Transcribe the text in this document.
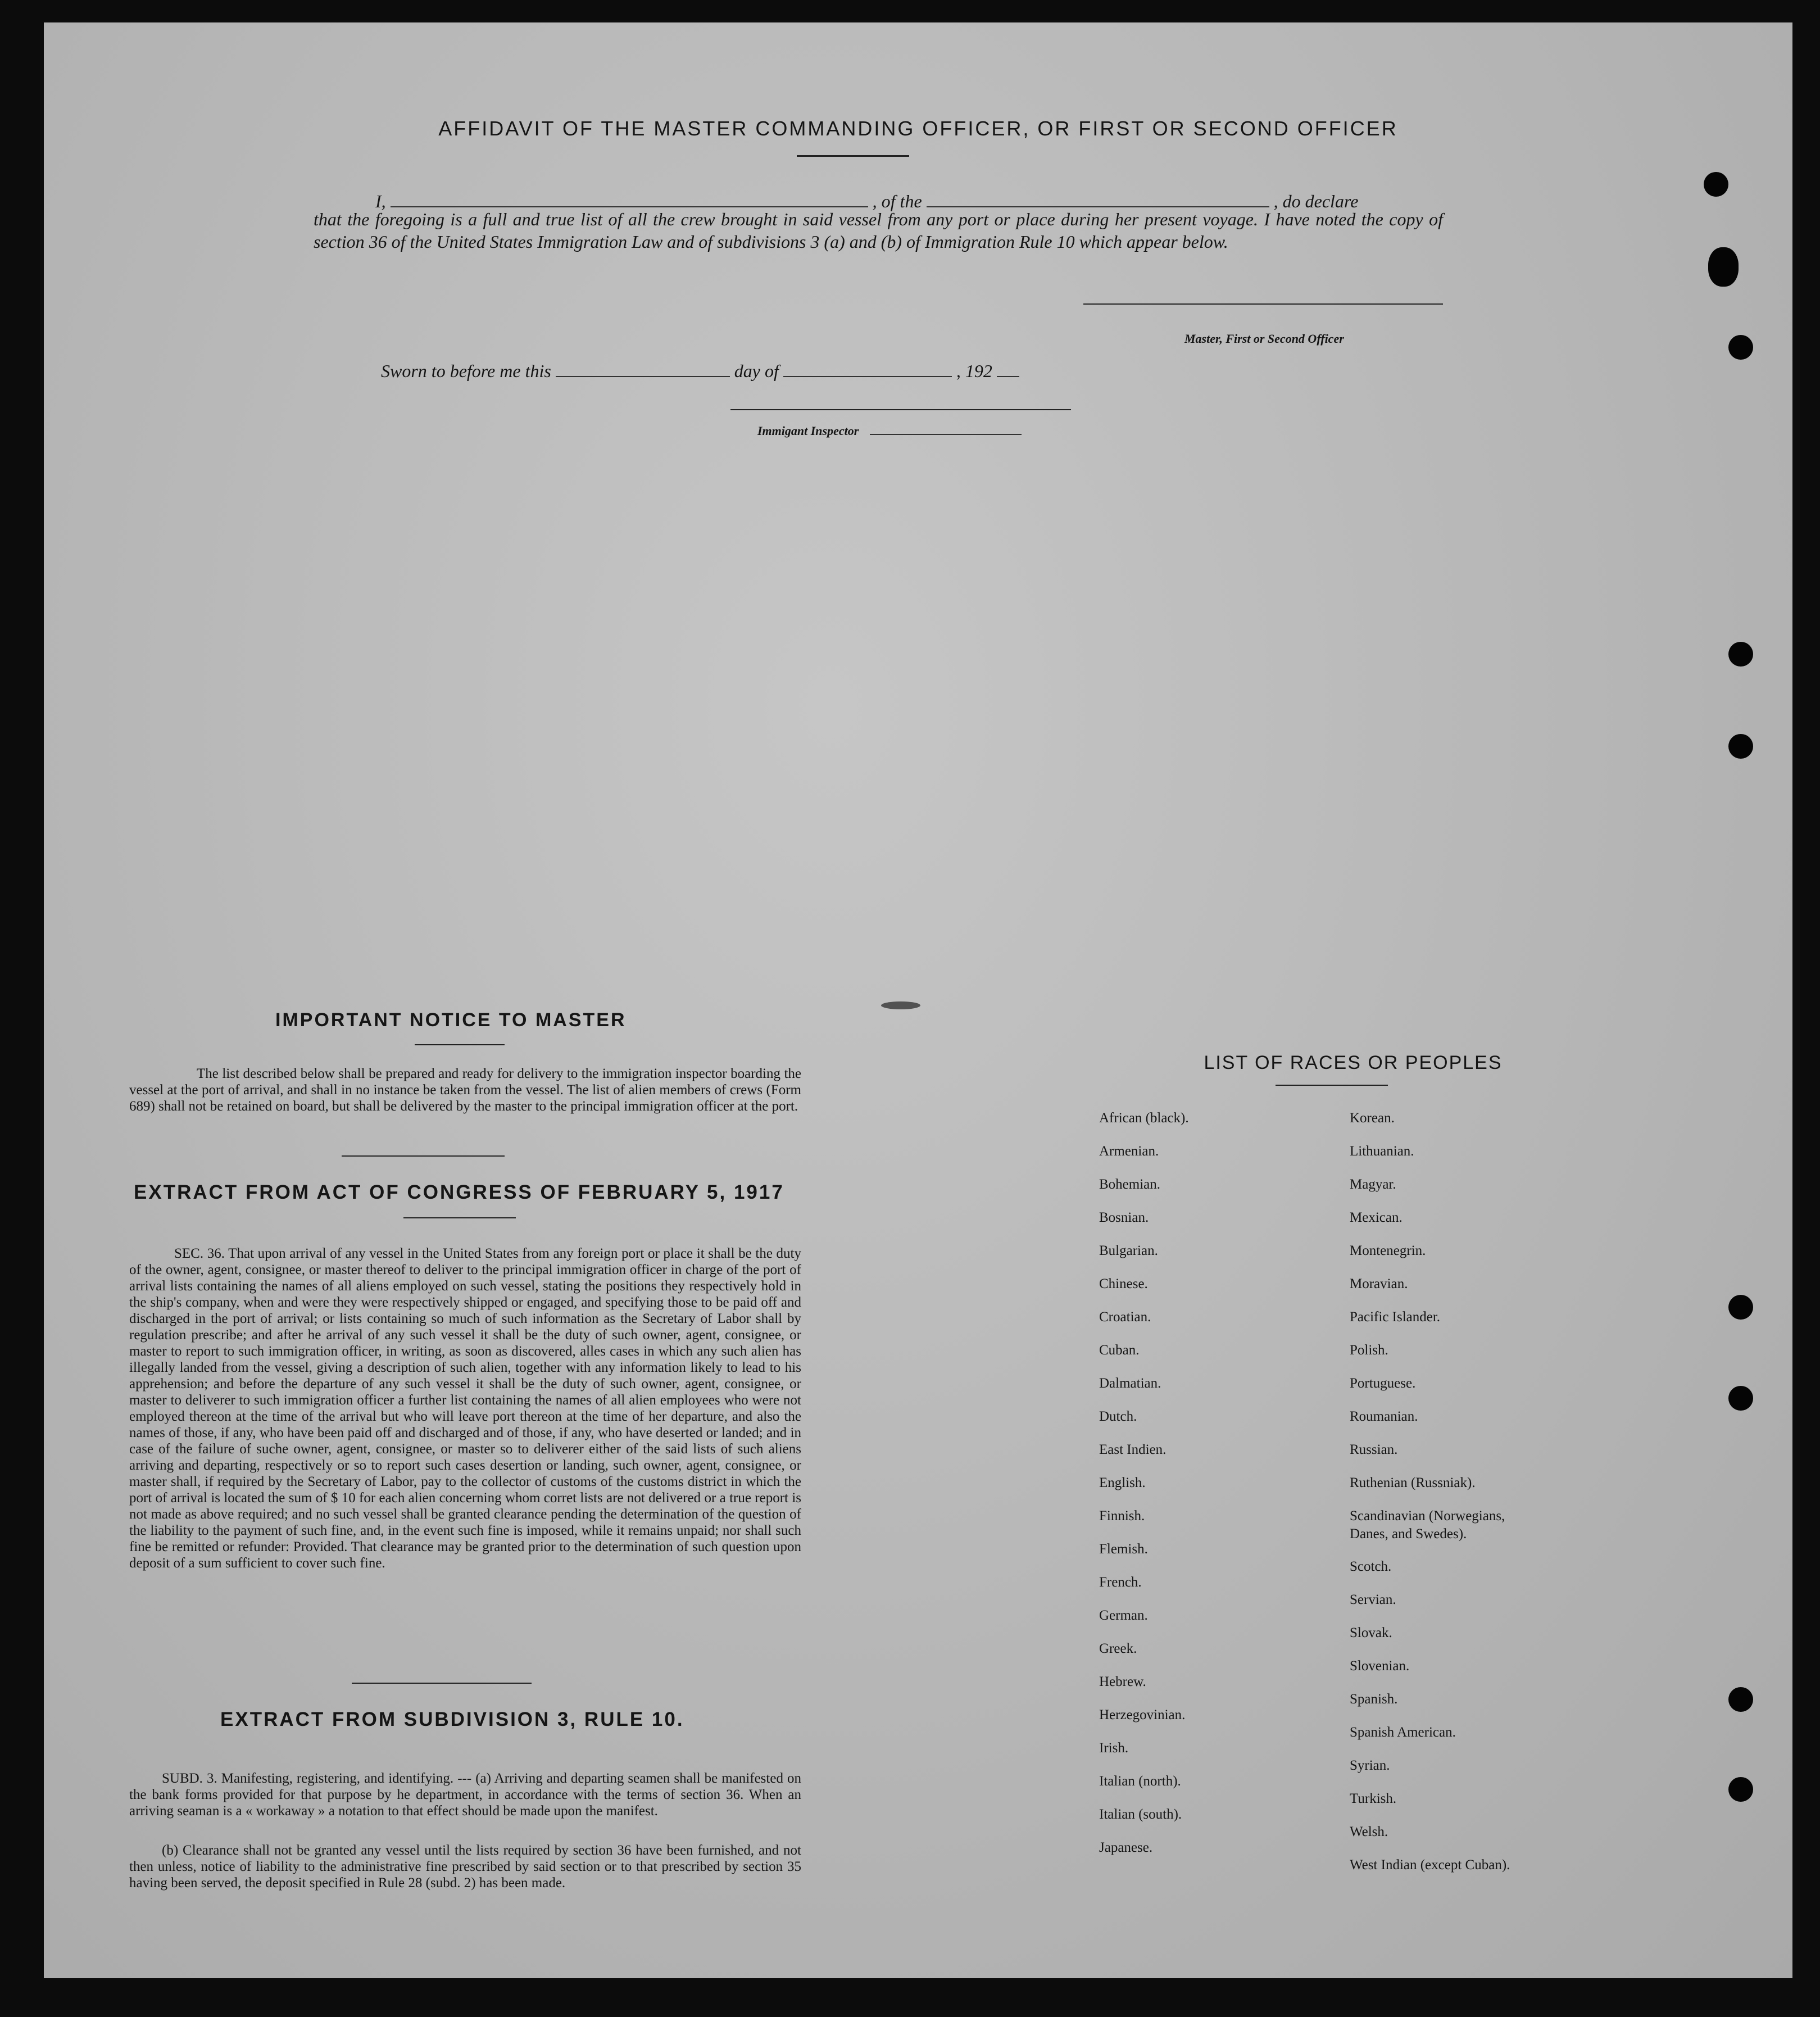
AFFIDAVIT OF THE MASTER COMMANDING OFFICER, OR FIRST OR SECOND OFFICER
I,	, of the	, do declare
that the foregoing is a full and true list of all the crew brought in said vessel from any port or place during her present voyage. I have noted the copy of section 36 of the United States Immigration Law and of subdivisions 3 (a) and (b) of Immigration Rule 10 which appear below.
Master, First or Second Officer
Sworn to before me this	day of	, 192
Immigant Inspector
IMPORTANT NOTICE TO MASTER
The list described below shall be prepared and ready for delivery to the immigration inspector boarding the vessel at the port of arrival, and shall in no instance be taken from the vessel. The list of alien members of crews (Form 689) shall not be retained on board, but shall be delivered by the master to the principal immigration officer at the port.
EXTRACT FROM ACT OF CONGRESS OF FEBRUARY 5, 1917
SEC. 36. That upon arrival of any vessel in the United States from any foreign port or place it shall be the duty of the owner, agent, consignee, or master thereof to deliver to the principal immigration officer in charge of the port of arrival lists containing the names of all aliens employed on such vessel, stating the positions they respectively hold in the ship's company, when and were they were respectively shipped or engaged, and specifying those to be paid off and discharged in the port of arrival; or lists containing so much of such information as the Secretary of Labor shall by regulation prescribe; and after he arrival of any such vessel it shall be the duty of such owner, agent, consignee, or master to report to such immigration officer, in writing, as soon as discovered, alles cases in which any such alien has illegally landed from the vessel, giving a description of such alien, together with any information likely to lead to his apprehension; and before the departure of any such vessel it shall be the duty of such owner, agent, consignee, or master to deliverer to such immigration officer a further list containing the names of all alien employees who were not employed thereon at the time of the arrival but who will leave port thereon at the time of her departure, and also the names of those, if any, who have been paid off and discharged and of those, if any, who have deserted or landed; and in case of the failure of suche owner, agent, consignee, or master so to deliverer either of the said lists of such aliens arriving and departing, respectively or so to report such cases desertion or landing, such owner, agent, consignee, or master shall, if required by the Secretary of Labor, pay to the collector of customs of the customs district in which the port of arrival is located the sum of $ 10 for each alien concerning whom corret lists are not delivered or a true report is not made as above required; and no such vessel shall be granted clearance pending the determination of the question of the liability to the payment of such fine, and, in the event such fine is imposed, while it remains unpaid; nor shall such fine be remitted or refunder: Provided. That clearance may be granted prior to the determination of such question upon deposit of a sum sufficient to cover such fine.
EXTRACT FROM SUBDIVISION 3, RULE 10.
SUBD. 3. Manifesting, registering, and identifying. --- (a) Arriving and departing seamen shall be manifested on the bank forms provided for that purpose by he department, in accordance with the terms of section 36. When an arriving seaman is a « workaway » a notation to that effect should be made upon the manifest.
(b) Clearance shall not be granted any vessel until the lists required by section 36 have been furnished, and not then unless, notice of liability to the administrative fine prescribed by said section or to that prescribed by section 35 having been served, the deposit specified in Rule 28 (subd. 2) has been made.
LIST OF RACES OR PEOPLES
African (black).
Armenian.
Bohemian.
Bosnian.
Bulgarian.
Chinese.
Croatian.
Cuban.
Dalmatian.
Dutch.
East Indien.
English.
Finnish.
Flemish.
French.
German.
Greek.
Hebrew.
Herzegovinian.
Irish.
Italian (north).
Italian (south).
Japanese.
Korean.
Lithuanian.
Magyar.
Mexican.
Montenegrin.
Moravian.
Pacific Islander.
Polish.
Portuguese.
Roumanian.
Russian.
Ruthenian (Russniak).
Scandinavian (Norwegians, Danes, and Swedes).
Scotch.
Servian.
Slovak.
Slovenian.
Spanish.
Spanish American.
Syrian.
Turkish.
Welsh.
West Indian (except Cuban).
